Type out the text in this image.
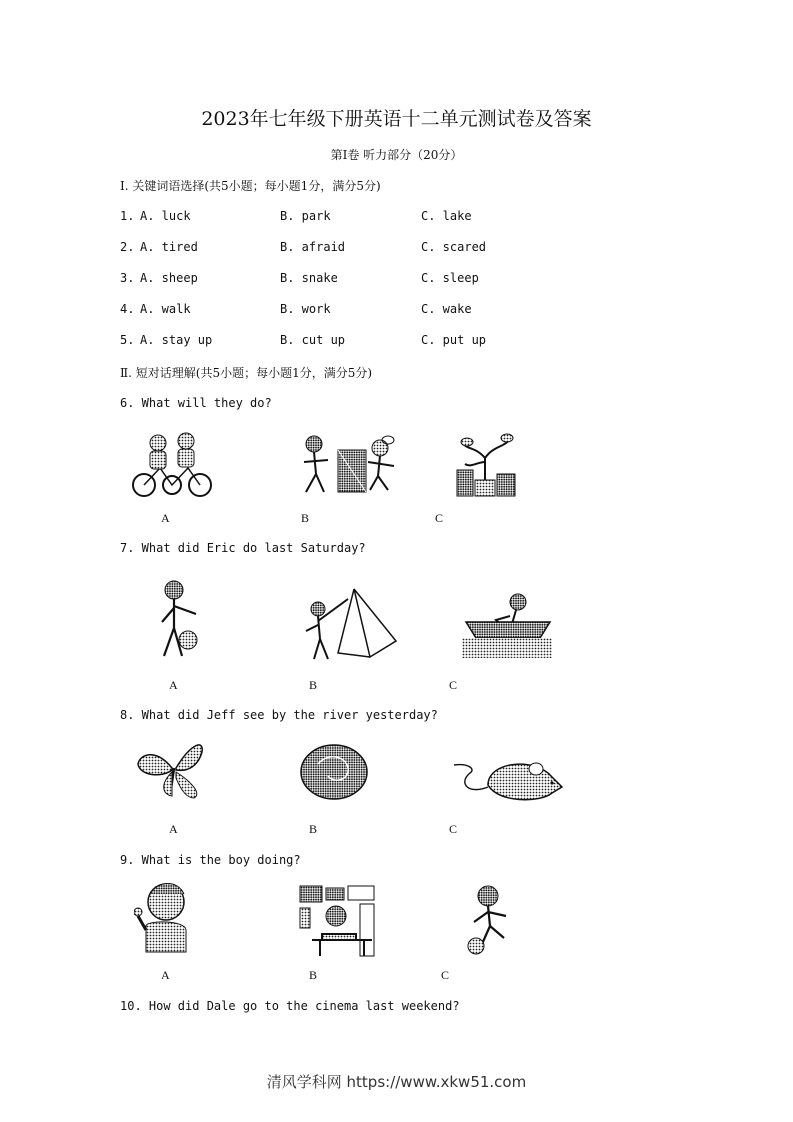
2023年七年级下册英语十二单元测试卷及答案
第Ⅰ卷 听力部分（20分）
Ⅰ. 关键词语选择(共5小题；每小题1分，满分5分)
1. A. luck	B. park	C. lake
2. A. tired	B. afraid	C. scared
3. A. sheep	B. snake	C. sleep
4. A. walk	B. work	C. wake
5. A. stay up	B. cut up	C. put up
Ⅱ. 短对话理解(共5小题；每小题1分，满分5分)
6. What will they do?
A	B	C
7. What did Eric do last Saturday?
A	B	C
8. What did Jeff see by the river yesterday?
A	B	C
9. What is the boy doing?
A	B	C
10. How did Dale go to the cinema last weekend?
清风学科网 https://www.xkw51.com
